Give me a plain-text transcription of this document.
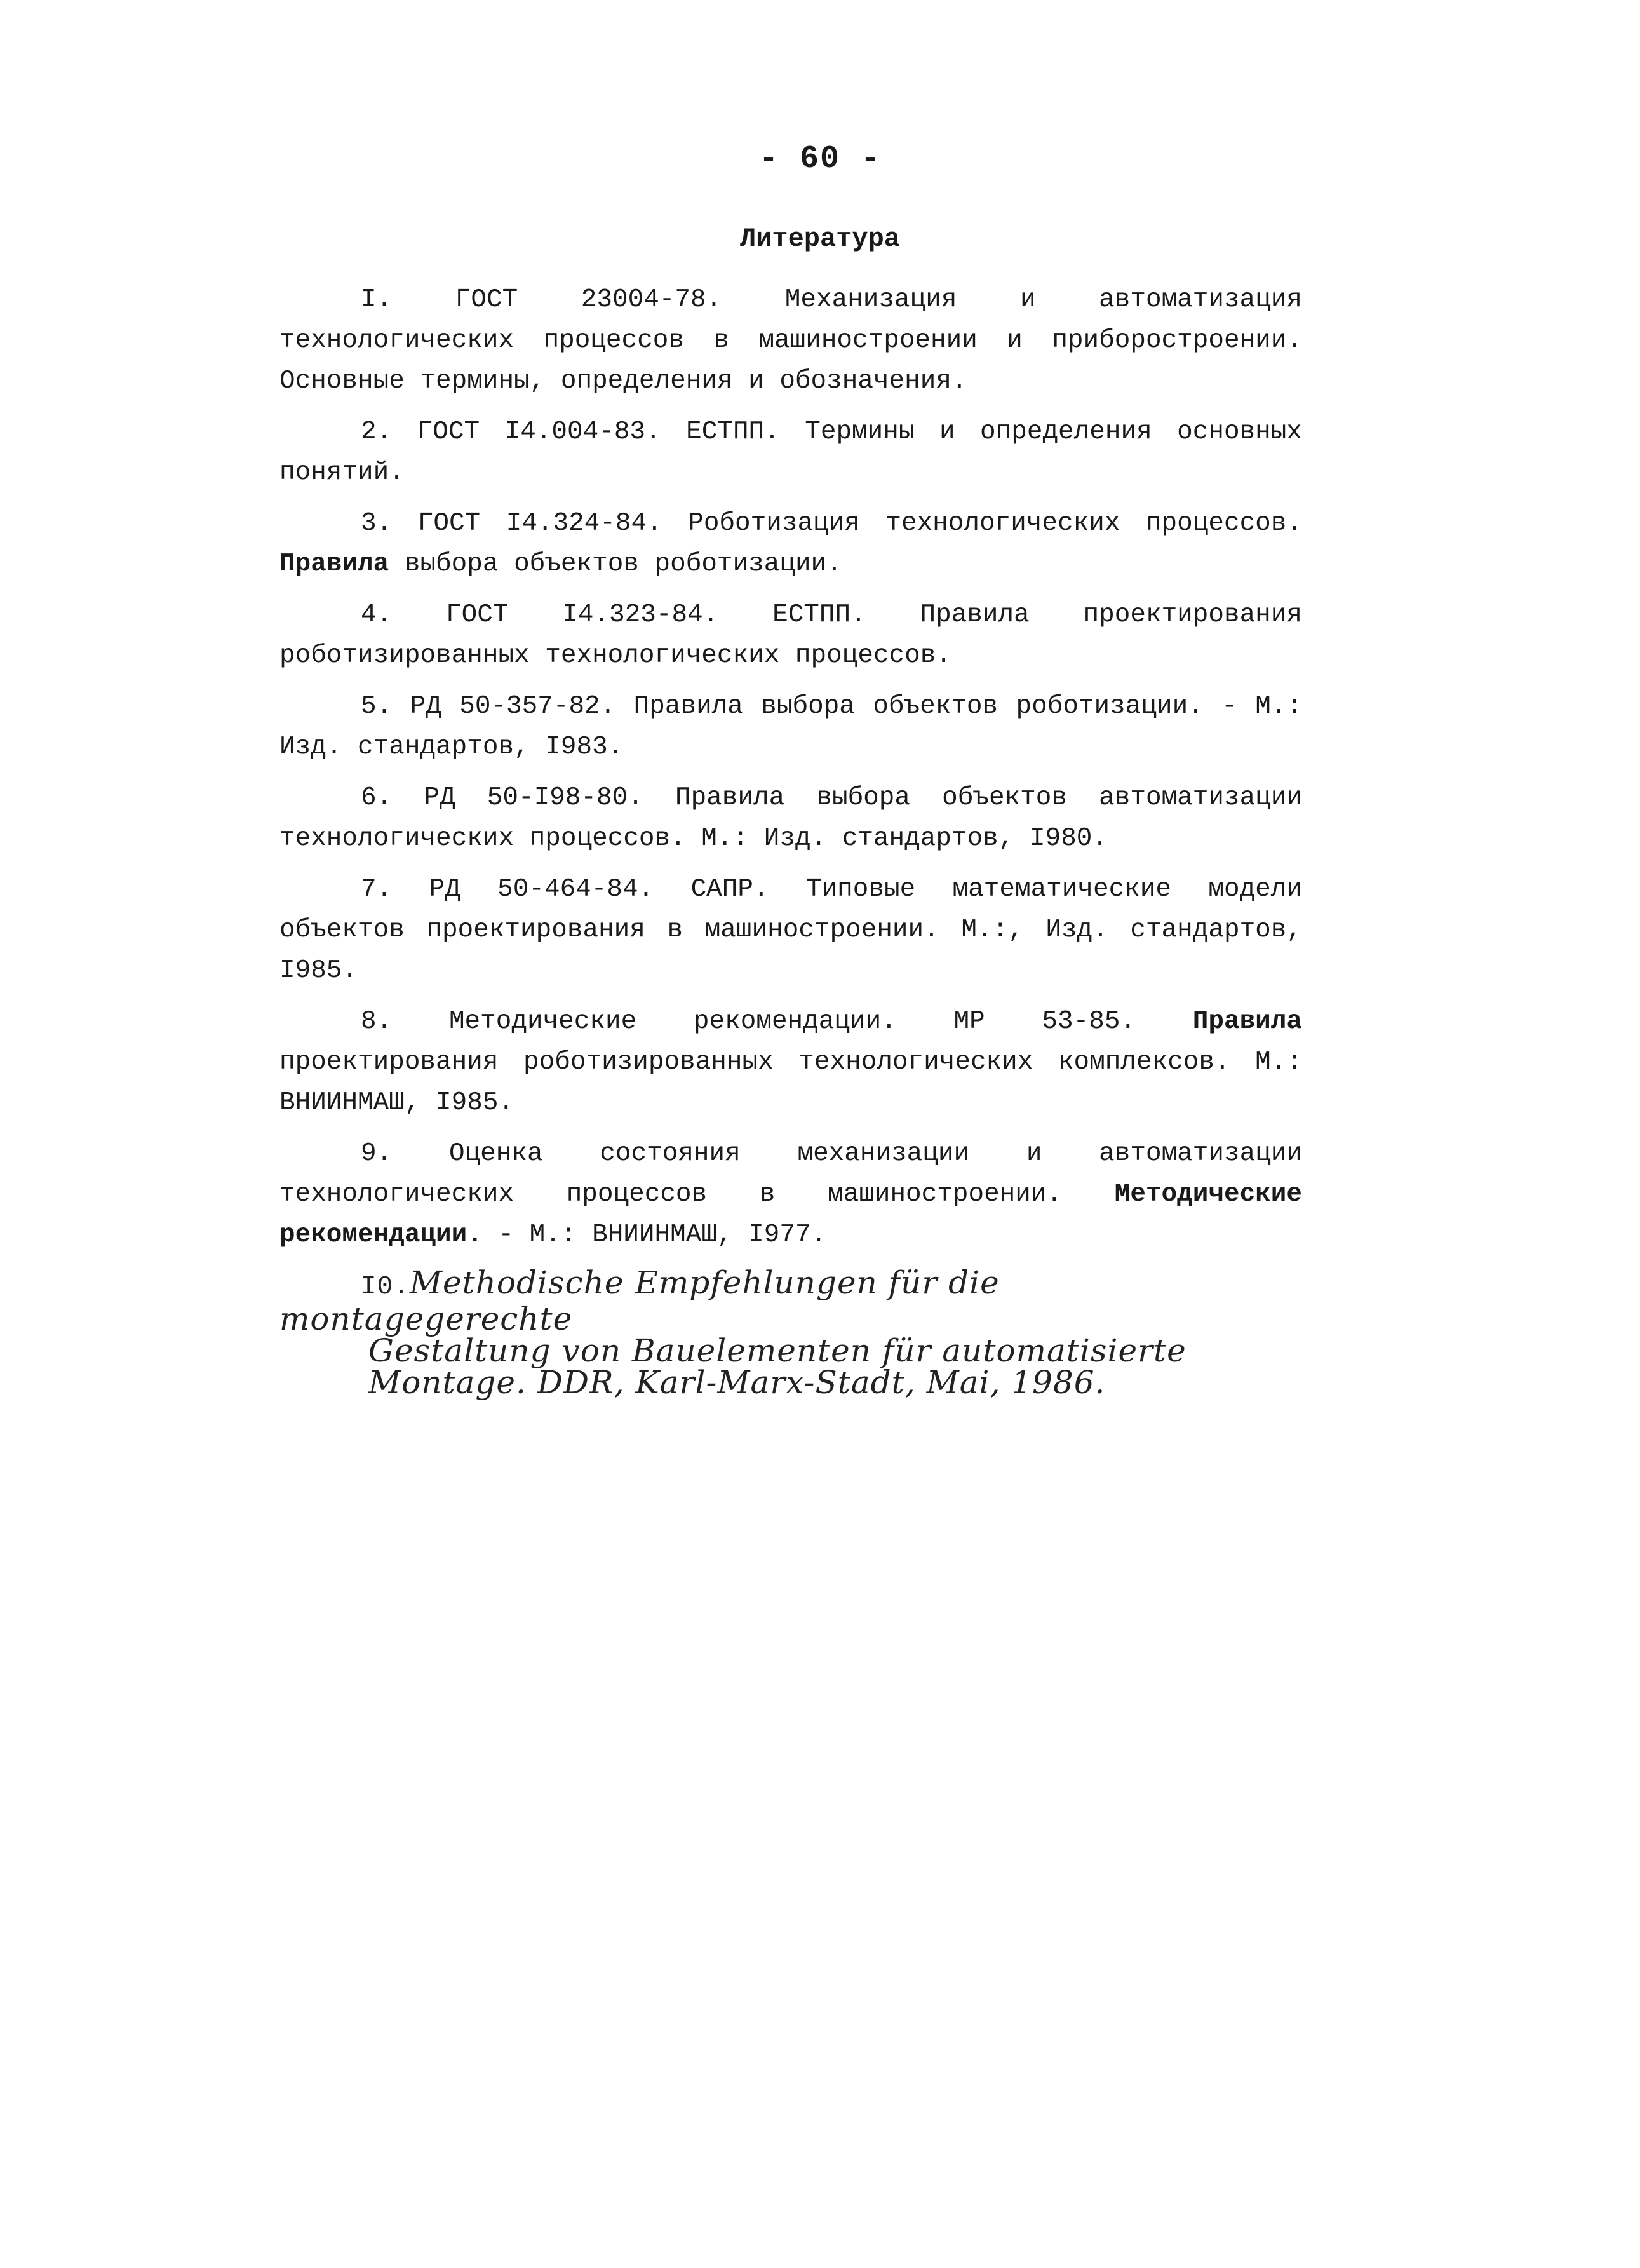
- 60 -
Литература
I. ГОСТ 23004-78. Механизация и автоматизация технологических процессов в машиностроении и приборостроении. Основные термины, определения и обозначения.
2. ГОСТ I4.004-83. ЕСТПП. Термины и определения основных понятий.
3. ГОСТ I4.324-84. Роботизация технологических процессов. Правила выбора объектов роботизации.
4. ГОСТ I4.323-84. ЕСТПП. Правила проектирования роботизированных технологических процессов.
5. РД 50-357-82. Правила выбора объектов роботизации. - М.: Изд. стандартов, I983.
6. РД 50-I98-80. Правила выбора объектов автоматизации технологических процессов. М.: Изд. стандартов, I980.
7. РД 50-464-84. САПР. Типовые математические модели объектов проектирования в машиностроении. М.:, Изд. стандартов, I985.
8. Методические рекомендации. МР 53-85. Правила проектирования роботизированных технологических комплексов. М.: ВНИИНМАШ, I985.
9. Оценка состояния механизации и автоматизации технологических процессов в машиностроении. Методические рекомендации. - М.: ВНИИНМАШ, I977.
I0.Methodische Empfehlungen für die montagegerechte
Gestaltung von Bauelementen für automatisierte
Montage. DDR, Karl-Marx-Stadt, Mai, 1986.
